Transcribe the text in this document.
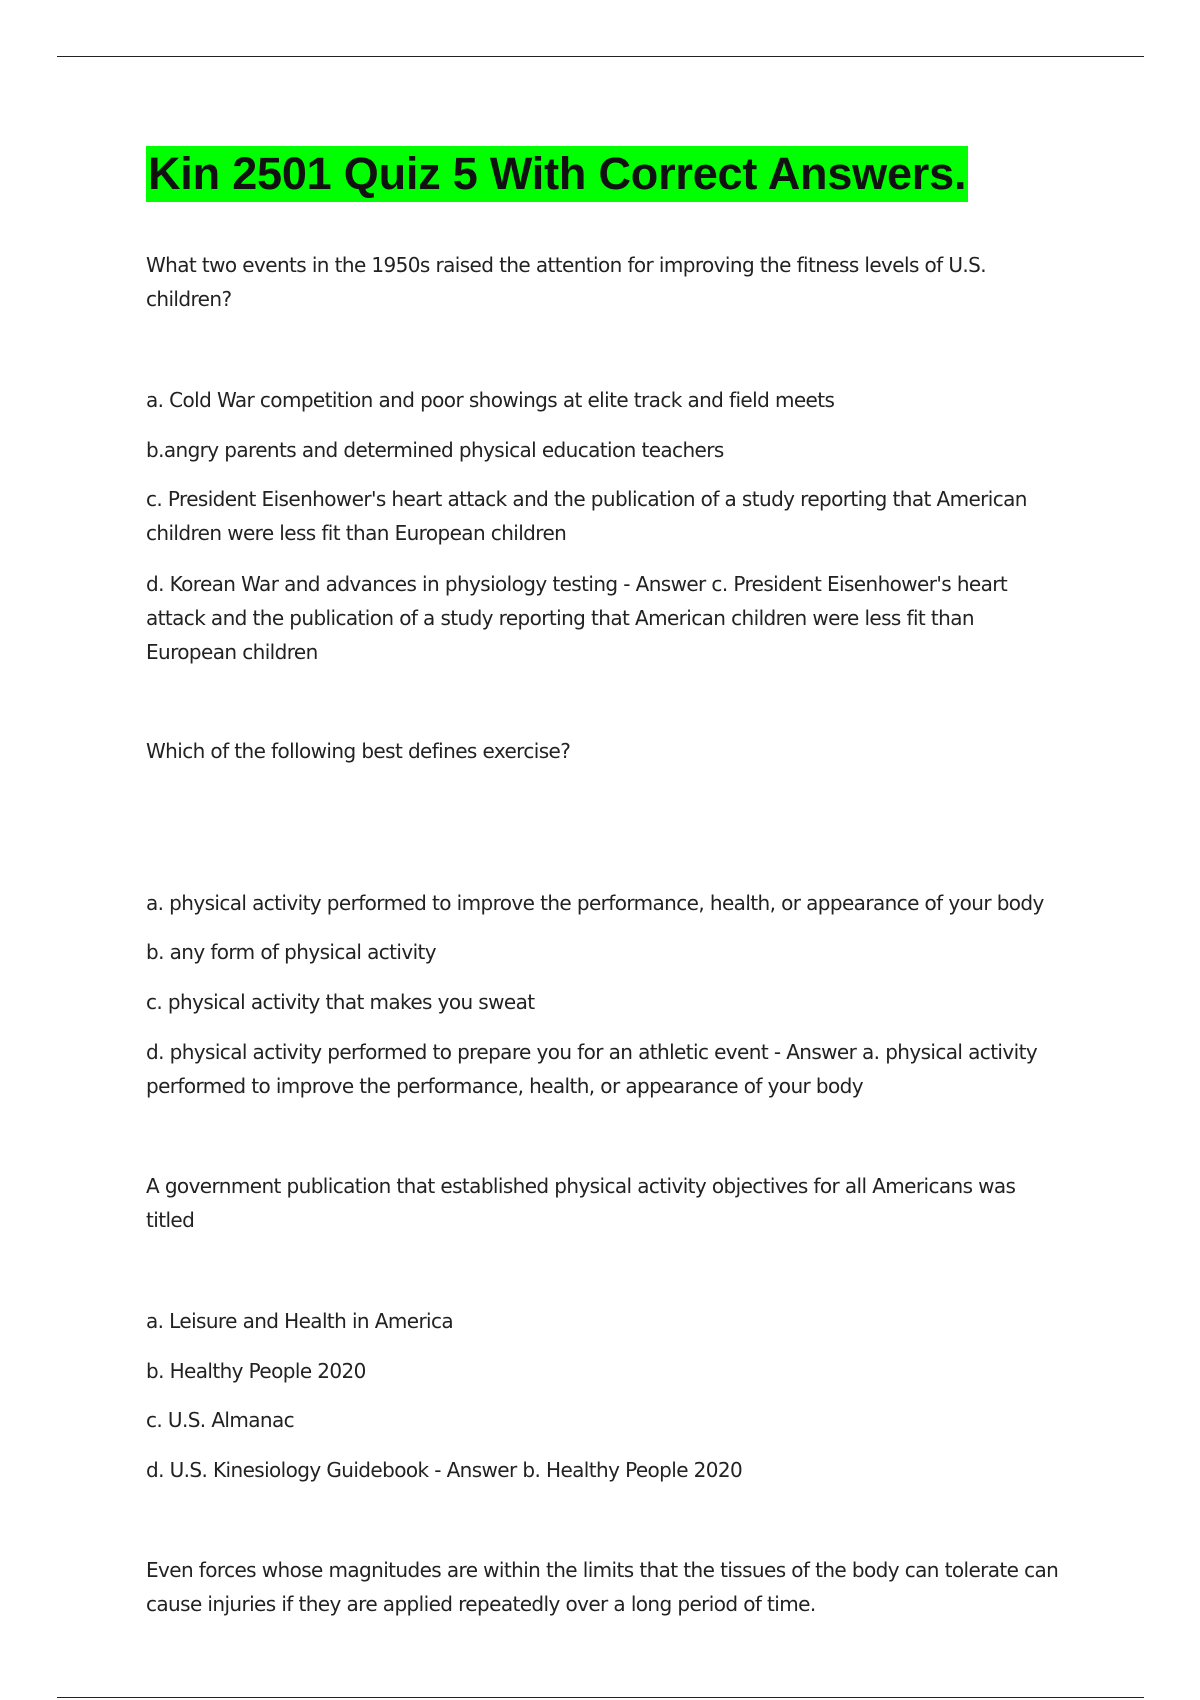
Kin 2501 Quiz 5 With Correct Answers.
What two events in the 1950s raised the attention for improving the fitness levels of U.S.
children?
a. Cold War competition and poor showings at elite track and field meets
b.angry parents and determined physical education teachers
c. President Eisenhower's heart attack and the publication of a study reporting that American
children were less fit than European children
d. Korean War and advances in physiology testing - Answer c. President Eisenhower's heart
attack and the publication of a study reporting that American children were less fit than
European children
Which of the following best defines exercise?
a. physical activity performed to improve the performance, health, or appearance of your body
b. any form of physical activity
c. physical activity that makes you sweat
d. physical activity performed to prepare you for an athletic event - Answer a. physical activity
performed to improve the performance, health, or appearance of your body
A government publication that established physical activity objectives for all Americans was
titled
a. Leisure and Health in America
b. Healthy People 2020
c. U.S. Almanac
d. U.S. Kinesiology Guidebook - Answer b. Healthy People 2020
Even forces whose magnitudes are within the limits that the tissues of the body can tolerate can
cause injuries if they are applied repeatedly over a long period of time.
